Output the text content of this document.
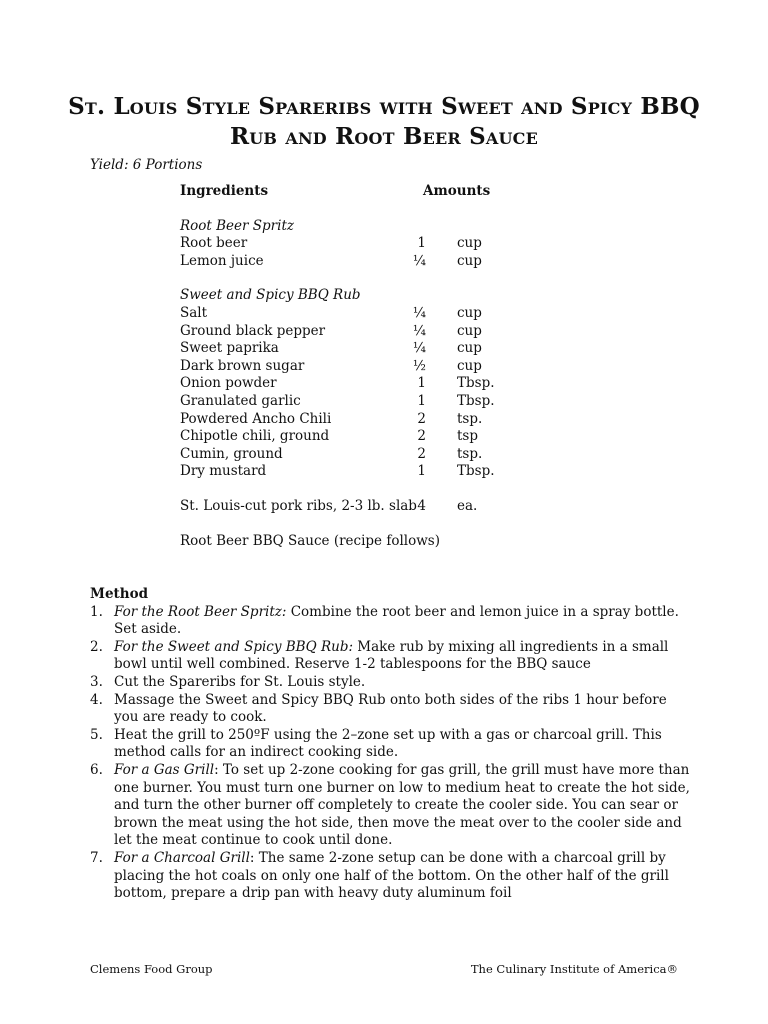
St. Louis Style Spareribs with Sweet and Spicy BBQ
Rub and Root Beer Sauce
Yield: 6 Portions
Ingredients	Amounts
Root Beer Spritz
Root beer	1 cup
Lemon juice	¼ cup
Sweet and Spicy BBQ Rub
Salt	¼ cup
Ground black pepper	¼ cup
Sweet paprika	¼ cup
Dark brown sugar	½ cup
Onion powder	1 Tbsp.
Granulated garlic	1 Tbsp.
Powdered Ancho Chili	2 tsp.
Chipotle chili, ground	2 tsp
Cumin, ground	2 tsp.
Dry mustard	1 Tbsp.
St. Louis-cut pork ribs, 2-3 lb. slab 4 ea.
Root Beer BBQ Sauce (recipe follows)
Method
1. For the Root Beer Spritz: Combine the root beer and lemon juice in a spray bottle. Set aside.
2. For the Sweet and Spicy BBQ Rub: Make rub by mixing all ingredients in a small bowl until well combined. Reserve 1-2 tablespoons for the BBQ sauce
3. Cut the Spareribs for St. Louis style.
4. Massage the Sweet and Spicy BBQ Rub onto both sides of the ribs 1 hour before you are ready to cook.
5. Heat the grill to 250ºF using the 2–zone set up with a gas or charcoal grill. This method calls for an indirect cooking side.
6. For a Gas Grill: To set up 2-zone cooking for gas grill, the grill must have more than one burner. You must turn one burner on low to medium heat to create the hot side, and turn the other burner off completely to create the cooler side. You can sear or brown the meat using the hot side, then move the meat over to the cooler side and let the meat continue to cook until done.
7. For a Charcoal Grill: The same 2-zone setup can be done with a charcoal grill by placing the hot coals on only one half of the bottom. On the other half of the grill bottom, prepare a drip pan with heavy duty aluminum foil
Clemens Food Group	The Culinary Institute of America®
